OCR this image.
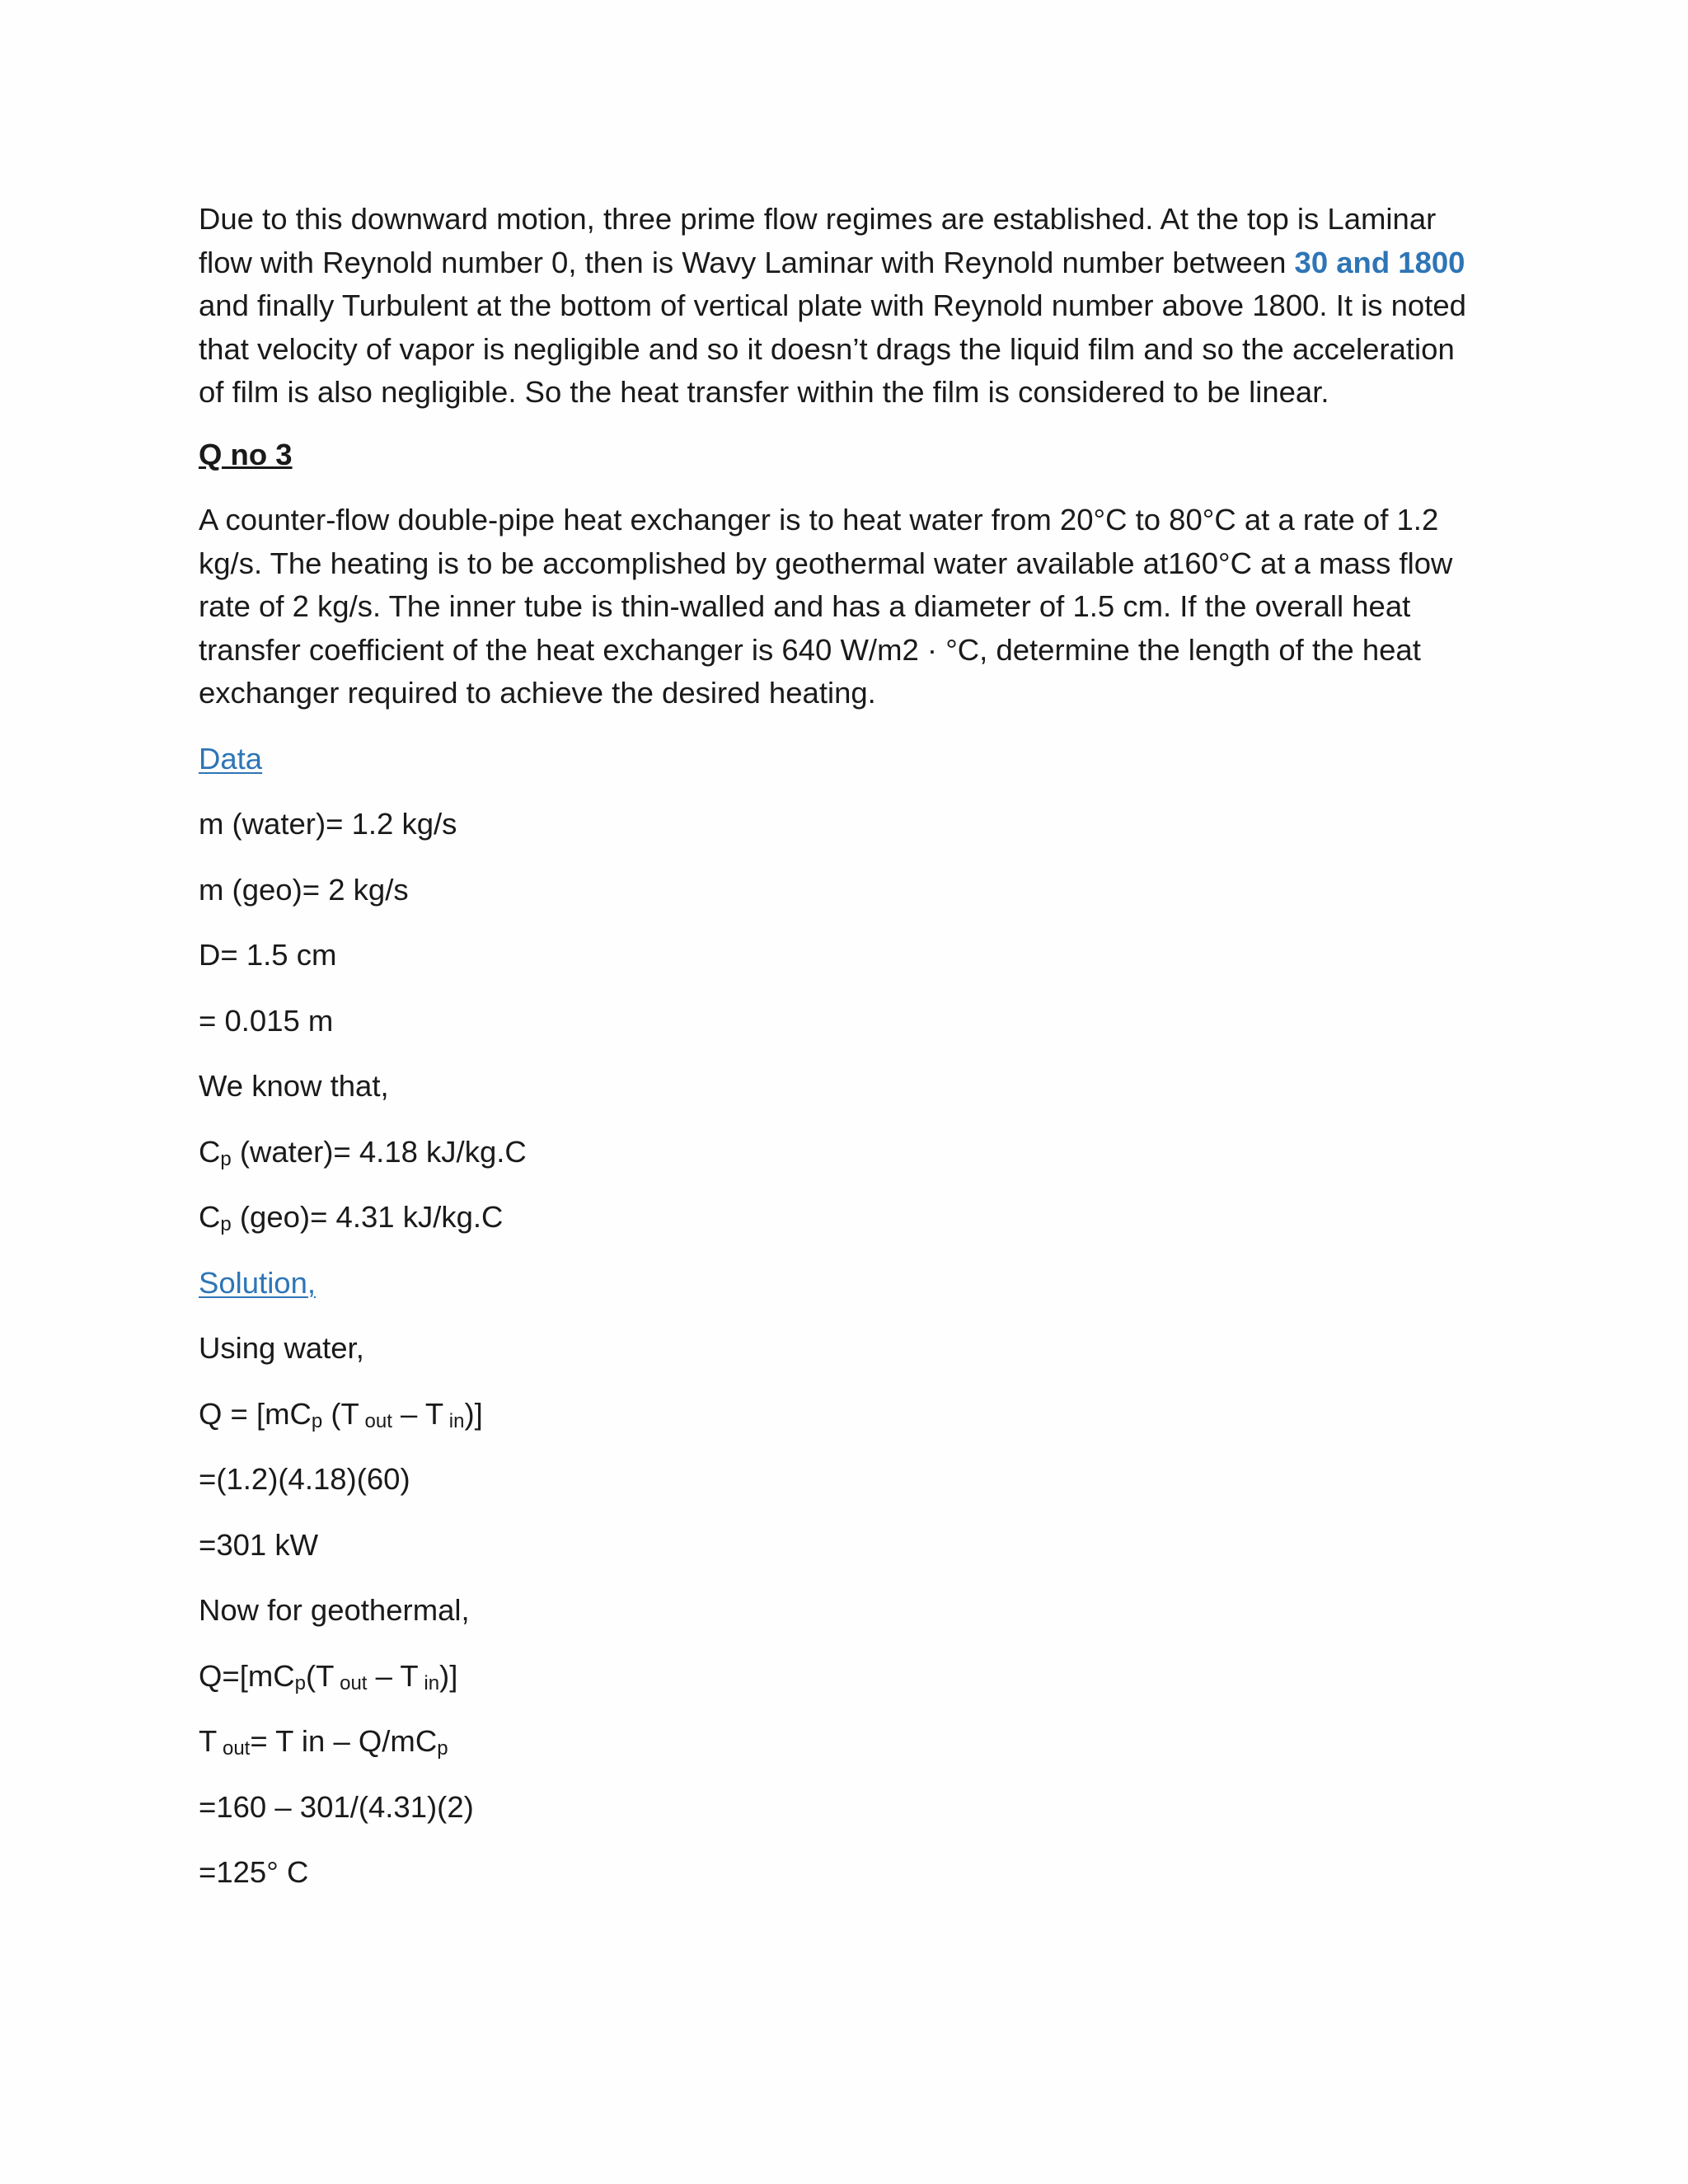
Due to this downward motion, three prime flow regimes are established. At the top is Laminar flow with Reynold number 0, then is Wavy Laminar with Reynold number between 30 and 1800 and finally Turbulent at the bottom of vertical plate with Reynold number above 1800. It is noted that velocity of vapor is negligible and so it doesn’t drags the liquid film and so the acceleration of film is also negligible. So the heat transfer within the film is considered to be linear.

Q no 3

A counter-flow double-pipe heat exchanger is to heat water from 20°C to 80°C at a rate of 1.2 kg/s. The heating is to be accomplished by geothermal water available at160°C at a mass flow rate of 2 kg/s. The inner tube is thin-walled and has a diameter of 1.5 cm. If the overall heat transfer coefficient of the heat exchanger is 640 W/m2 · °C, determine the length of the heat exchanger required to achieve the desired heating.

Data

m (water)= 1.2 kg/s

m (geo)= 2 kg/s

D= 1.5 cm

= 0.015 m

We know that,

$C_p$ (water)= 4.18 kJ/kg.C

$C_p$ (geo)= 4.31 kJ/kg.C

Solution,

Using water,

$Q = [mC_p$ (T $_{out}$ – T $_{in}$)]

=(1.2)(4.18)(60)

=301 kW

Now for geothermal,

$Q=[mC_p(T$ $_{out}$ – T $_{in}$)]

T $_{out}$= T in – $Q/mC_p$

=160 – 301/(4.31)(2)

=125° C
